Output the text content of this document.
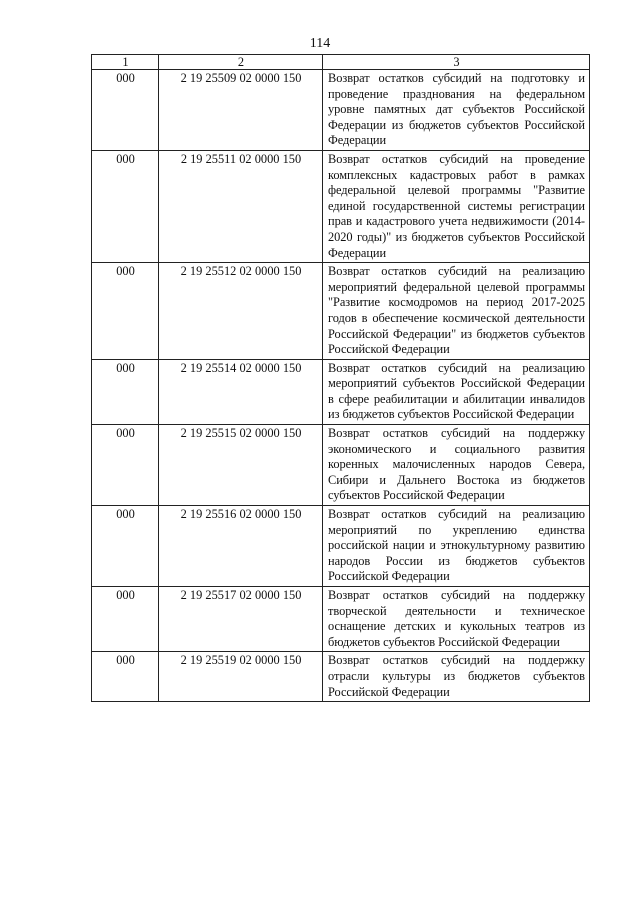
114
1	2	3
000	2 19 25509 02 0000 150	Возврат остатков субсидий на подготовку и проведение празднования на федеральном уровне памятных дат субъектов Российской Федерации из бюджетов субъектов Российской Федерации
000	2 19 25511 02 0000 150	Возврат остатков субсидий на проведение комплексных кадастровых работ в рамках федеральной целевой программы "Развитие единой государственной системы регистрации прав и кадастрового учета недвижимости (2014-2020 годы)" из бюджетов субъектов Российской Федерации
000	2 19 25512 02 0000 150	Возврат остатков субсидий на реализацию мероприятий федеральной целевой программы "Развитие космодромов на период 2017-2025 годов в обеспечение космической деятельности Российской Федерации" из бюджетов субъектов Российской Федерации
000	2 19 25514 02 0000 150	Возврат остатков субсидий на реализацию мероприятий субъектов Российской Федерации в сфере реабилитации и абилитации инвалидов из бюджетов субъектов Российской Федерации
000	2 19 25515 02 0000 150	Возврат остатков субсидий на поддержку экономического и социального развития коренных малочисленных народов Севера, Сибири и Дальнего Востока из бюджетов субъектов Российской Федерации
000	2 19 25516 02 0000 150	Возврат остатков субсидий на реализацию мероприятий по укреплению единства российской нации и этнокультурному развитию народов России из бюджетов субъектов Российской Федерации
000	2 19 25517 02 0000 150	Возврат остатков субсидий на поддержку творческой деятельности и техническое оснащение детских и кукольных театров из бюджетов субъектов Российской Федерации
000	2 19 25519 02 0000 150	Возврат остатков субсидий на поддержку отрасли культуры из бюджетов субъектов Российской Федерации
